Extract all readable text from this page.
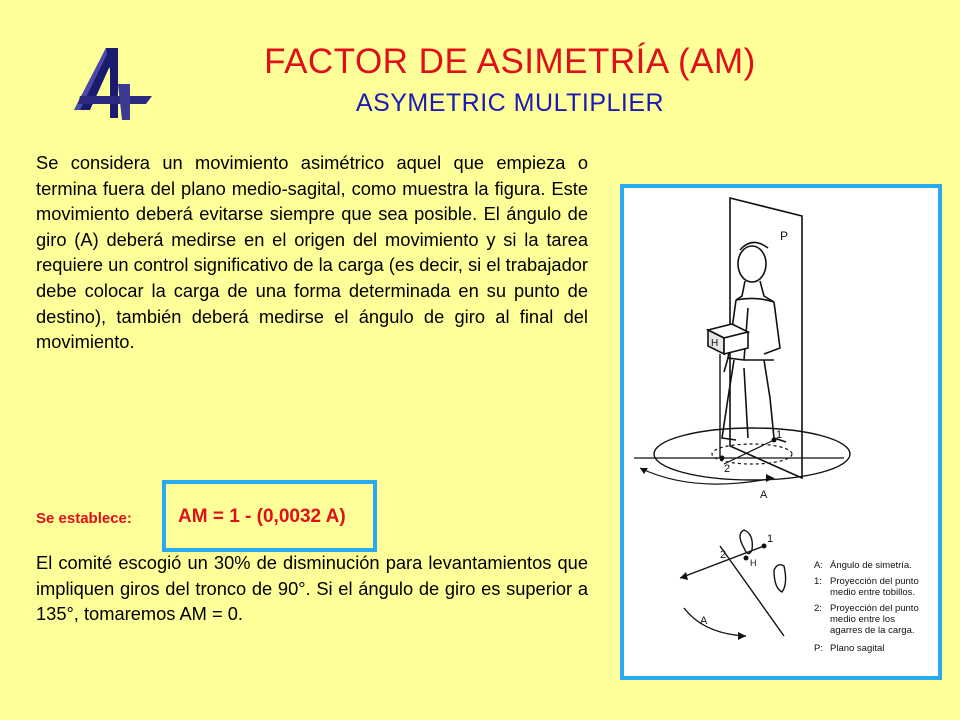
FACTOR DE ASIMETRÍA (AM)
ASYMETRIC MULTIPLIER

Se considera un movimiento asimétrico aquel que empieza o termina fuera del plano medio-sagital, como muestra la figura. Este movimiento deberá evitarse siempre que sea posible. El ángulo de giro (A) deberá medirse en el origen del movimiento y si la tarea requiere un control significativo de la carga (es decir, si el trabajador debe colocar la carga de una forma determinada en su punto de destino), también deberá medirse el ángulo de giro al final del movimiento.

Se establece: AM = 1 - (0,0032 A)

El comité escogió un 30% de disminución para levantamientos que impliquen giros del tronco de 90°. Si el ángulo de giro es superior a 135°, tomaremos AM = 0.

P
H
1
2
A
2
1
H
A
A: Ángulo de simetría.
1: Proyección del punto
medio entre tobillos.
2: Proyección del punto
medio entre los
agarres de la carga.
P: Plano sagital
